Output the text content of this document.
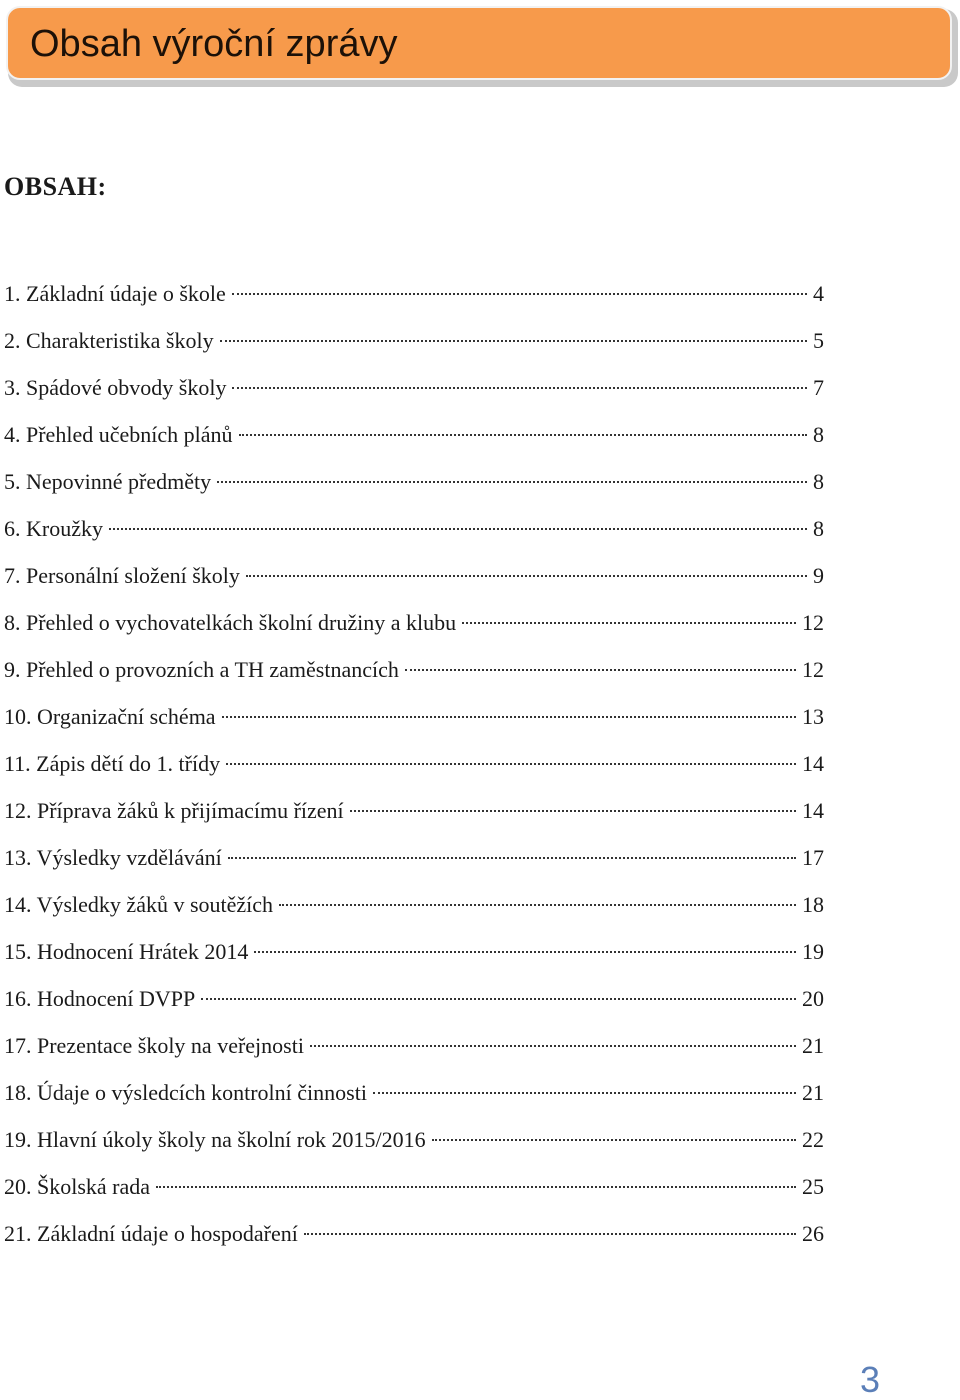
Obsah výroční zprávy
OBSAH:
1. Základní údaje o škole	4
2. Charakteristika školy	5
3. Spádové obvody školy	7
4. Přehled učebních plánů	8
5. Nepovinné předměty	8
6. Kroužky	8
7. Personální složení školy	9
8. Přehled o vychovatelkách školní družiny a klubu	12
9. Přehled o provozních a TH zaměstnancích	12
10. Organizační schéma	13
11. Zápis dětí do 1. třídy	14
12. Příprava žáků k přijímacímu řízení	14
13. Výsledky vzdělávání	17
14. Výsledky žáků v soutěžích	18
15. Hodnocení Hrátek 2014	19
16. Hodnocení DVPP	20
17. Prezentace školy na veřejnosti	21
18. Údaje o výsledcích kontrolní činnosti	21
19. Hlavní úkoly školy na školní rok 2015/2016	22
20. Školská rada	25
21. Základní údaje o hospodaření	26
3
